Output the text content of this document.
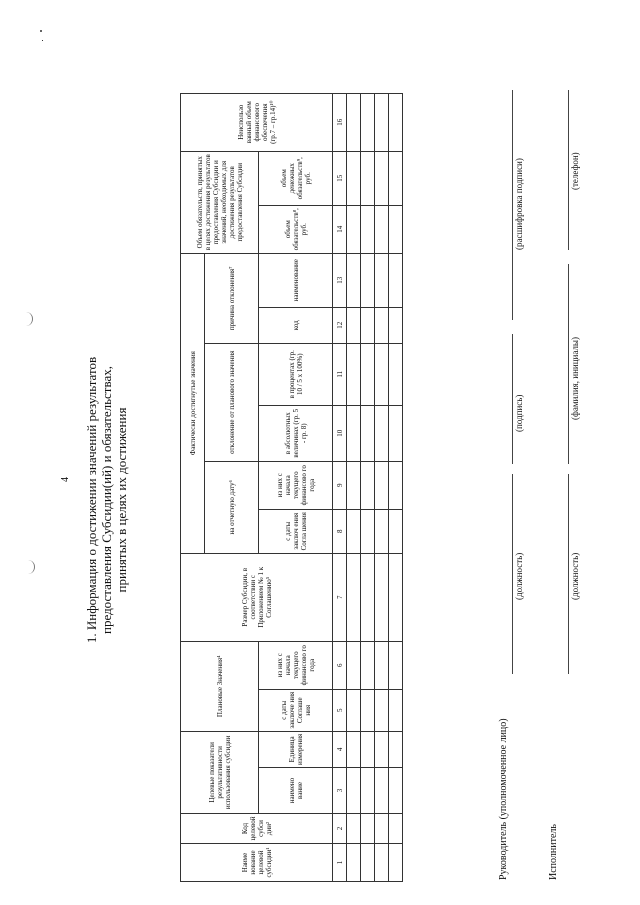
4 1. Информация о достижении значений результатов предоставления Субсидии(ий) и обязательствах, принятых в целях их достижения
Наиме нование целевой субсидии¹	Код целевой субси дии²	Целевые показатели результативности использования субсидии		Плановые Значения⁴		Размер Субсидии, в соответствии с Приложением № 1 к Соглашению⁵	Фактически достигнутые значения						Объем обязательств, принятых в целях достижения результатов предоставления Субсидии и значений, необходимых для достижения результатов предоставления Субсидии		Неиспользо ванный объем финансового обеспечения (гр.7 – гр.14)¹⁰
							на отчетную дату⁶		отклонение от планового значения		причина отклонения⁷				
		наимено вание	Единица измерения	с даты заключе ния Соглаше ния	из них с начала текущего финансово го года		с даты заключ ения Согла шения	из них с начала текущего финансово го года	в абсолютных величинах (гр. 5 - гр. 8)	в процентах (гр. 10 / 5 х 100%)	код	наименование	объем обязательств⁸, руб.	объем денежных обязательств⁹, руб.	
1	2	3	4	5	6	7	8	9	10	11	12	13	14	15	16

Руководитель (уполномоченное лицо)
(должность)
(подпись)
(расшифровка подписи)
Исполнитель
(должность)
(фамилия, инициалы)
(телефон)
